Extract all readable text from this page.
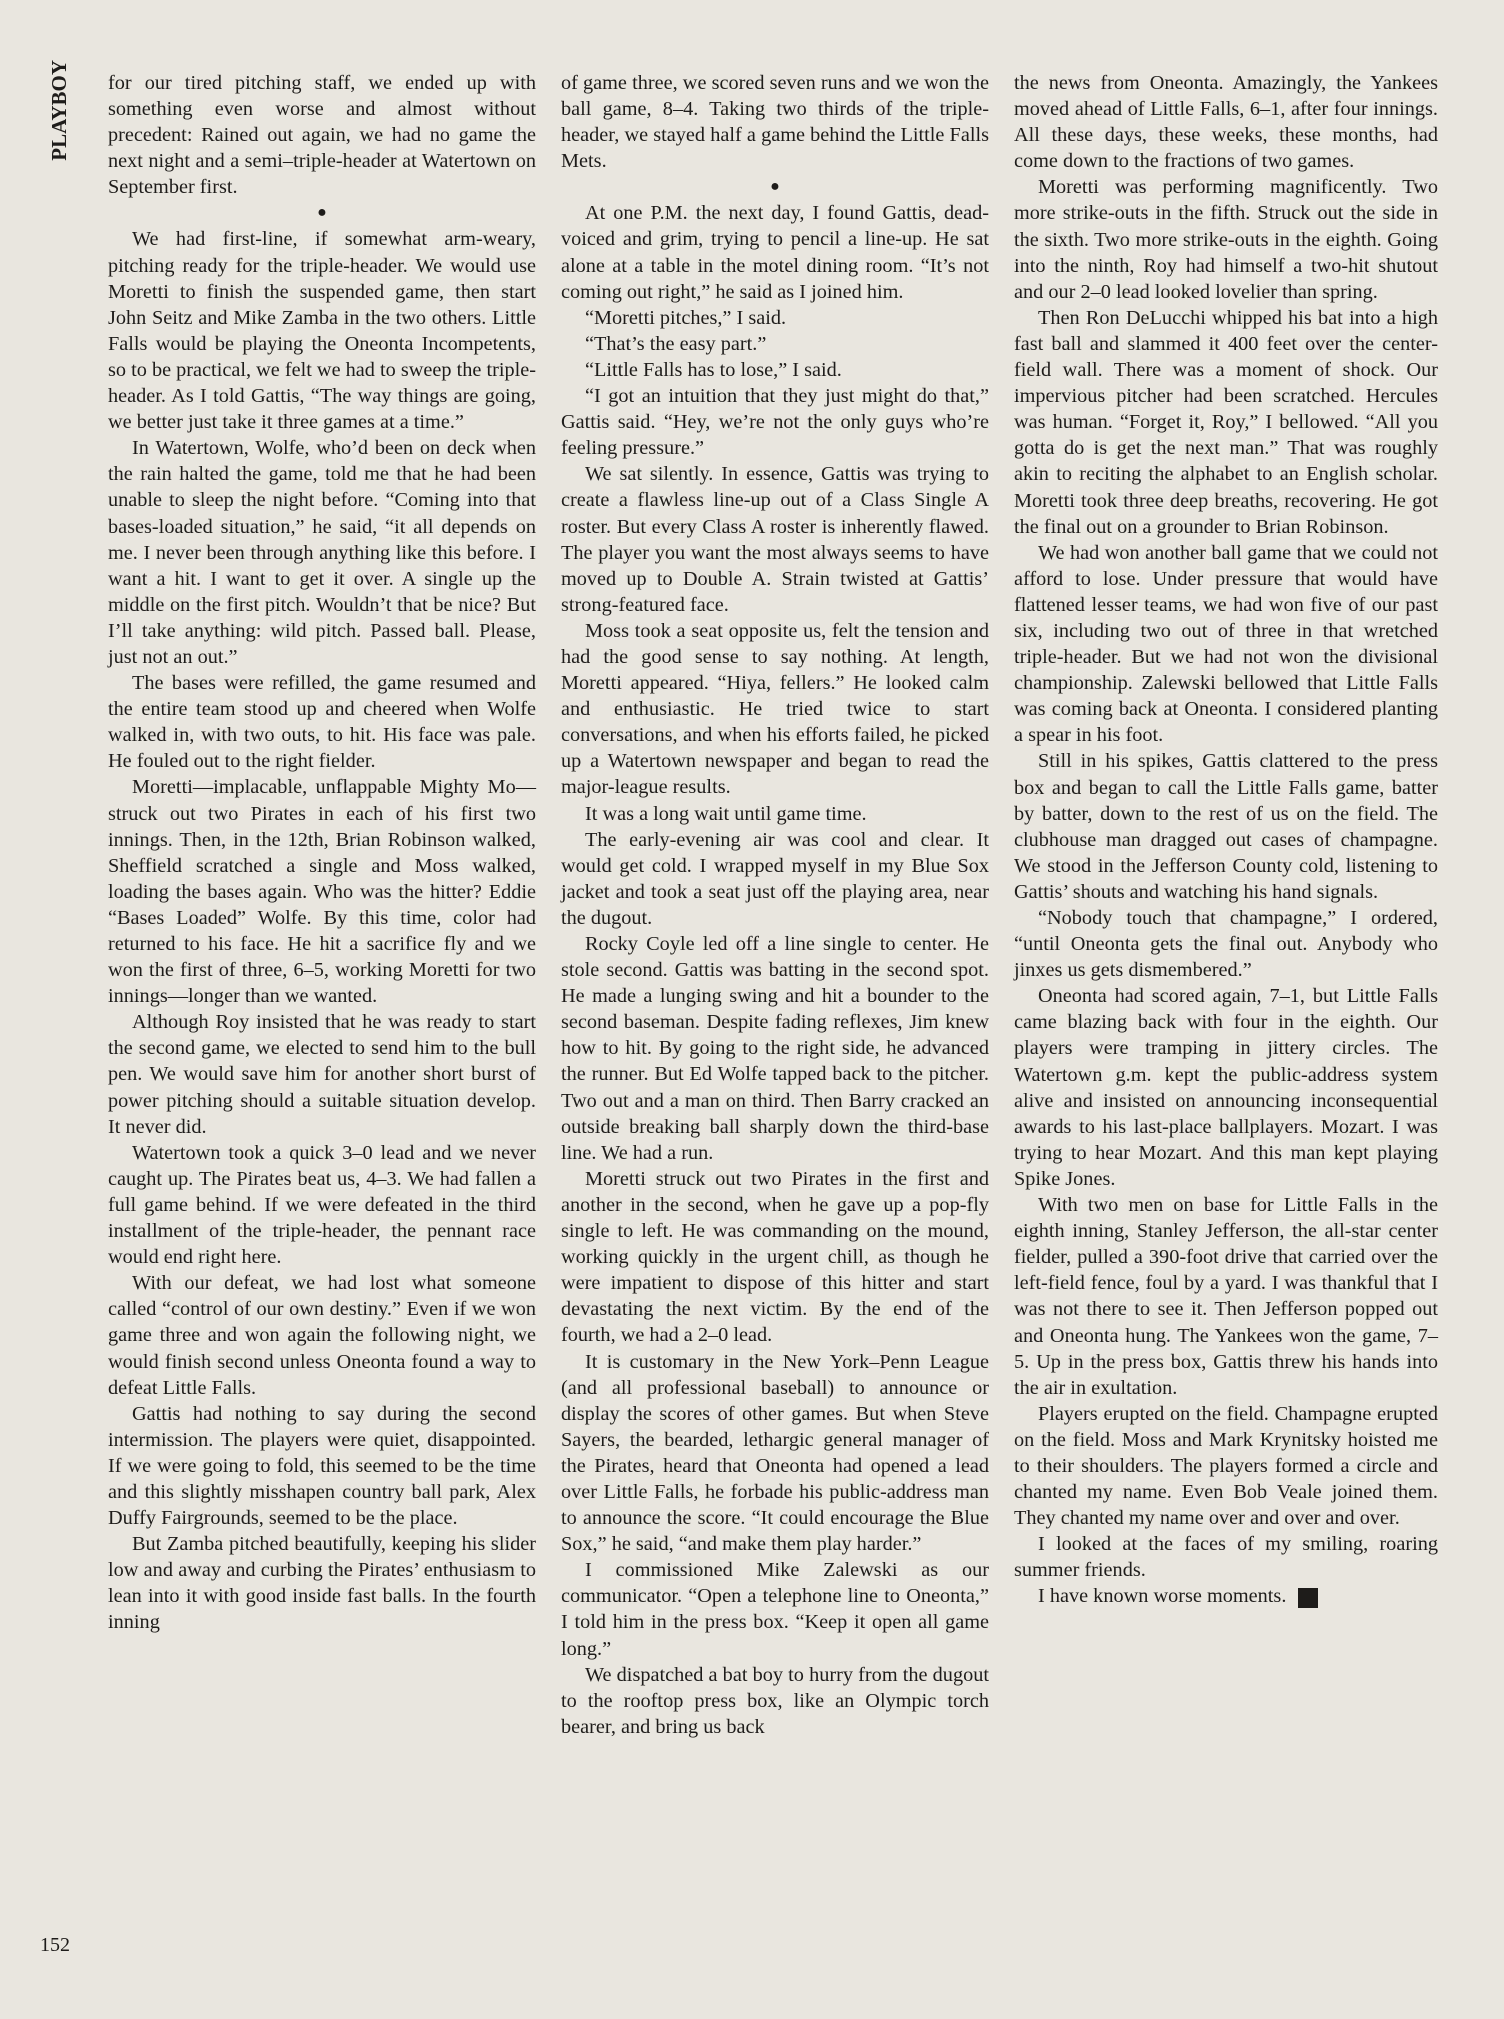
PLAYBOY for our tired pitching staff, we ended up with something even worse and almost without precedent: Rained out again, we had no game the next night and a semi–triple-header at Watertown on September first.

●

We had first-line, if somewhat arm-weary, pitching ready for the triple-header. We would use Moretti to finish the suspended game, then start John Seitz and Mike Zamba in the two others. Little Falls would be playing the Oneonta Incompetents, so to be practical, we felt we had to sweep the triple-header. As I told Gattis, “The way things are going, we better just take it three games at a time.”

In Watertown, Wolfe, who’d been on deck when the rain halted the game, told me that he had been unable to sleep the night before. “Coming into that bases-loaded situation,” he said, “it all depends on me. I never been through anything like this before. I want a hit. I want to get it over. A single up the middle on the first pitch. Wouldn’t that be nice? But I’ll take anything: wild pitch. Passed ball. Please, just not an out.”

The bases were refilled, the game resumed and the entire team stood up and cheered when Wolfe walked in, with two outs, to hit. His face was pale. He fouled out to the right fielder.

Moretti—implacable, unflappable Mighty Mo—struck out two Pirates in each of his first two innings. Then, in the 12th, Brian Robinson walked, Sheffield scratched a single and Moss walked, loading the bases again. Who was the hitter? Eddie “Bases Loaded” Wolfe. By this time, color had returned to his face. He hit a sacrifice fly and we won the first of three, 6–5, working Moretti for two innings—longer than we wanted.

Although Roy insisted that he was ready to start the second game, we elected to send him to the bull pen. We would save him for another short burst of power pitching should a suitable situation develop. It never did.

Watertown took a quick 3–0 lead and we never caught up. The Pirates beat us, 4–3. We had fallen a full game behind. If we were defeated in the third installment of the triple-header, the pennant race would end right here.

With our defeat, we had lost what someone called “control of our own destiny.” Even if we won game three and won again the following night, we would finish second unless Oneonta found a way to defeat Little Falls.

Gattis had nothing to say during the second intermission. The players were quiet, disappointed. If we were going to fold, this seemed to be the time and this slightly misshapen country ball park, Alex Duffy Fairgrounds, seemed to be the place.

But Zamba pitched beautifully, keeping his slider low and away and curbing the Pirates’ enthusiasm to lean into it with good inside fast balls. In the fourth inning

of game three, we scored seven runs and we won the ball game, 8–4. Taking two thirds of the triple-header, we stayed half a game behind the Little Falls Mets.

●

At one P.M. the next day, I found Gattis, dead-voiced and grim, trying to pencil a line-up. He sat alone at a table in the motel dining room. “It’s not coming out right,” he said as I joined him.

“Moretti pitches,” I said.

“That’s the easy part.”

“Little Falls has to lose,” I said.

“I got an intuition that they just might do that,” Gattis said. “Hey, we’re not the only guys who’re feeling pressure.”

We sat silently. In essence, Gattis was trying to create a flawless line-up out of a Class Single A roster. But every Class A roster is inherently flawed. The player you want the most always seems to have moved up to Double A. Strain twisted at Gattis’ strong-featured face.

Moss took a seat opposite us, felt the tension and had the good sense to say nothing. At length, Moretti appeared. “Hiya, fellers.” He looked calm and enthusiastic. He tried twice to start conversations, and when his efforts failed, he picked up a Watertown newspaper and began to read the major-league results.

It was a long wait until game time.

The early-evening air was cool and clear. It would get cold. I wrapped myself in my Blue Sox jacket and took a seat just off the playing area, near the dugout.

Rocky Coyle led off a line single to center. He stole second. Gattis was batting in the second spot. He made a lunging swing and hit a bounder to the second baseman. Despite fading reflexes, Jim knew how to hit. By going to the right side, he advanced the runner. But Ed Wolfe tapped back to the pitcher. Two out and a man on third. Then Barry cracked an outside breaking ball sharply down the third-base line. We had a run.

Moretti struck out two Pirates in the first and another in the second, when he gave up a pop-fly single to left. He was commanding on the mound, working quickly in the urgent chill, as though he were impatient to dispose of this hitter and start devastating the next victim. By the end of the fourth, we had a 2–0 lead.

It is customary in the New York–Penn League (and all professional baseball) to announce or display the scores of other games. But when Steve Sayers, the bearded, lethargic general manager of the Pirates, heard that Oneonta had opened a lead over Little Falls, he forbade his public-address man to announce the score. “It could encourage the Blue Sox,” he said, “and make them play harder.”

I commissioned Mike Zalewski as our communicator. “Open a telephone line to Oneonta,” I told him in the press box. “Keep it open all game long.”

We dispatched a bat boy to hurry from the dugout to the rooftop press box, like an Olympic torch bearer, and bring us back

the news from Oneonta. Amazingly, the Yankees moved ahead of Little Falls, 6–1, after four innings. All these days, these weeks, these months, had come down to the fractions of two games.

Moretti was performing magnificently. Two more strike-outs in the fifth. Struck out the side in the sixth. Two more strike-outs in the eighth. Going into the ninth, Roy had himself a two-hit shutout and our 2–0 lead looked lovelier than spring.

Then Ron DeLucchi whipped his bat into a high fast ball and slammed it 400 feet over the center-field wall. There was a moment of shock. Our impervious pitcher had been scratched. Hercules was human. “Forget it, Roy,” I bellowed. “All you gotta do is get the next man.” That was roughly akin to reciting the alphabet to an English scholar. Moretti took three deep breaths, recovering. He got the final out on a grounder to Brian Robinson.

We had won another ball game that we could not afford to lose. Under pressure that would have flattened lesser teams, we had won five of our past six, including two out of three in that wretched triple-header. But we had not won the divisional championship. Zalewski bellowed that Little Falls was coming back at Oneonta. I considered planting a spear in his foot.

Still in his spikes, Gattis clattered to the press box and began to call the Little Falls game, batter by batter, down to the rest of us on the field. The clubhouse man dragged out cases of champagne. We stood in the Jefferson County cold, listening to Gattis’ shouts and watching his hand signals.

“Nobody touch that champagne,” I ordered, “until Oneonta gets the final out. Anybody who jinxes us gets dismembered.”

Oneonta had scored again, 7–1, but Little Falls came blazing back with four in the eighth. Our players were tramping in jittery circles. The Watertown g.m. kept the public-address system alive and insisted on announcing inconsequential awards to his last-place ballplayers. Mozart. I was trying to hear Mozart. And this man kept playing Spike Jones.

With two men on base for Little Falls in the eighth inning, Stanley Jefferson, the all-star center fielder, pulled a 390-foot drive that carried over the left-field fence, foul by a yard. I was thankful that I was not there to see it. Then Jefferson popped out and Oneonta hung. The Yankees won the game, 7–5. Up in the press box, Gattis threw his hands into the air in exultation.

Players erupted on the field. Champagne erupted on the field. Moss and Mark Krynitsky hoisted me to their shoulders. The players formed a circle and chanted my name. Even Bob Veale joined them. They chanted my name over and over and over.

I looked at the faces of my smiling, roaring summer friends.

I have known worse moments.	♣

152
